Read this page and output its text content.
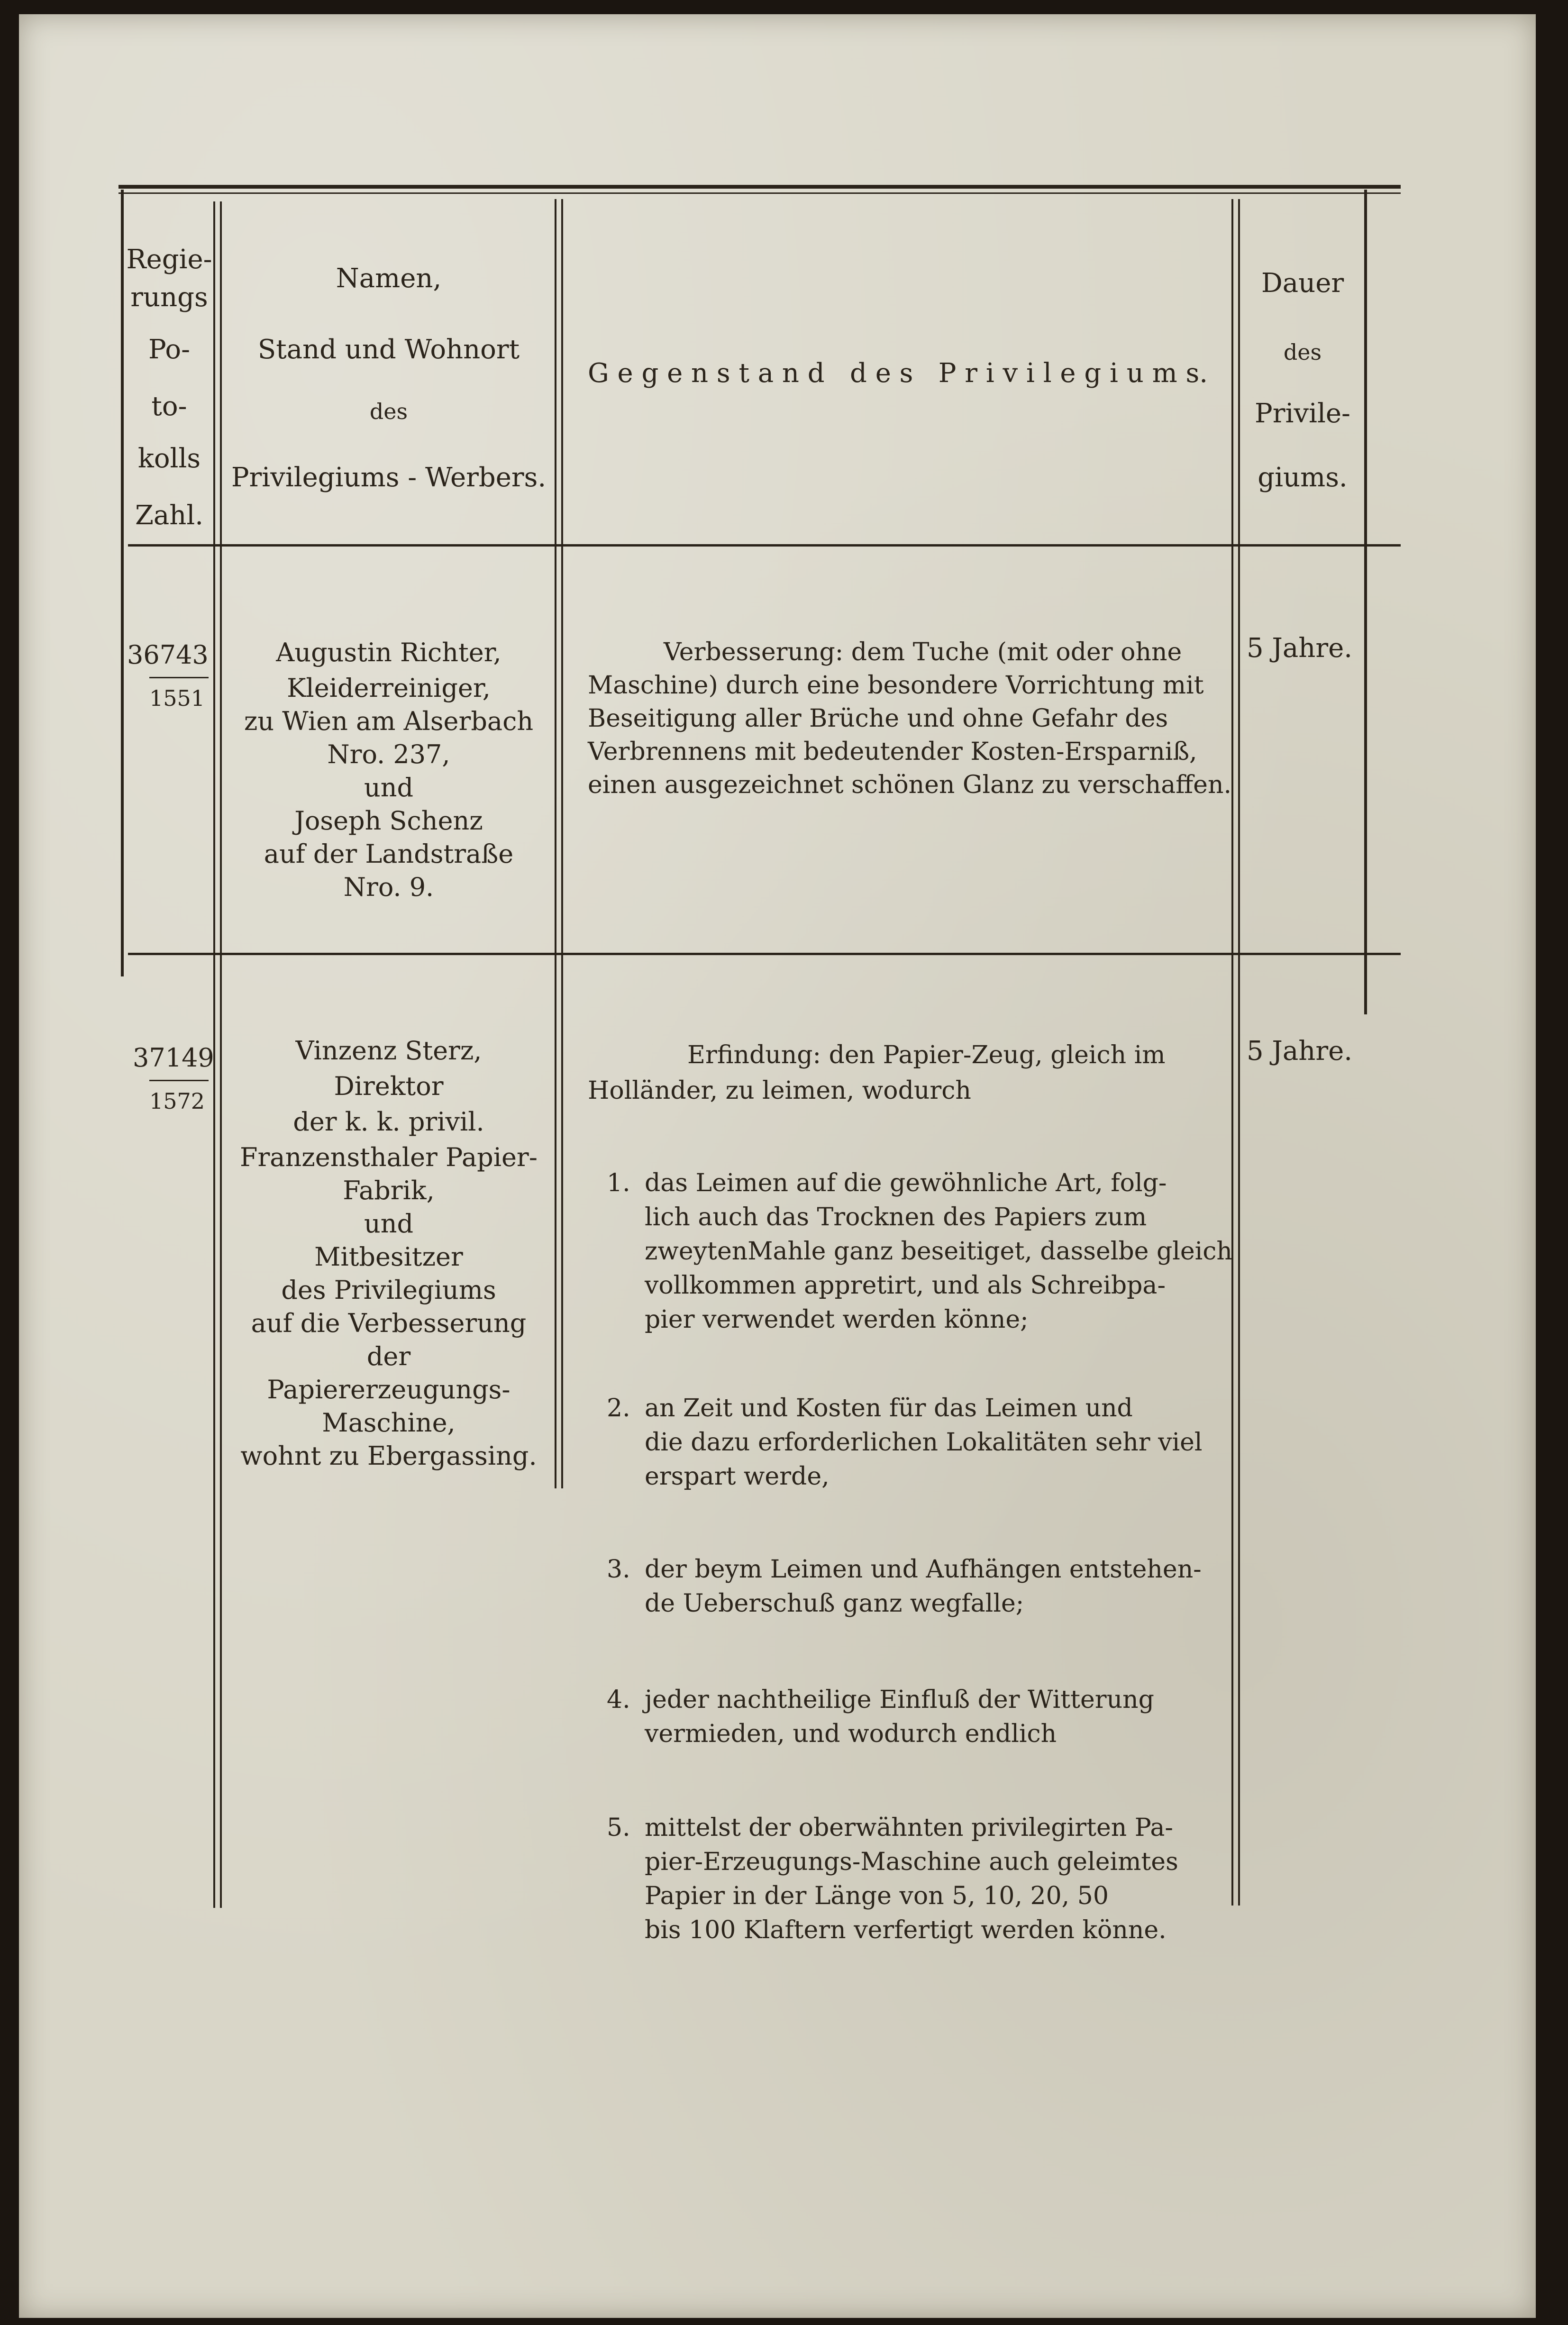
Regie-
rungs
Po-
to-
kolls
Zahl.
Namen,
Stand und Wohnort
des
Privilegiums - Werbers.
G e g e n s t a n d   d e s   P r i v i l e g i u m s.
Dauer
des
Privile-
giums.
36743
1551
Augustin Richter,
Kleiderreiniger,
zu Wien am Alserbach
Nro. 237,
und
Joseph Schenz
auf der Landstraße
Nro. 9.
Verbesserung: dem Tuche (mit oder ohne
Maschine) durch eine besondere Vorrichtung mit
Beseitigung aller Brüche und ohne Gefahr des
Verbrennens mit bedeutender Kosten-Ersparniß,
einen ausgezeichnet schönen Glanz zu verschaffen.
5 Jahre.
37149
1572
Vinzenz Sterz,
Direktor
der k. k. privil.
Franzensthaler Papier-
Fabrik,
und
Mitbesitzer
des Privilegiums
auf die Verbesserung
der
Papiererzeugungs-
Maschine,
wohnt zu Ebergassing.
Erfindung: den Papier-Zeug, gleich im
Holländer, zu leimen, wodurch
1. das Leimen auf die gewöhnliche Art, folg-
lich auch das Trocknen des Papiers zum
zweytenMahle ganz beseitiget, dasselbe gleich
vollkommen appretirt, und als Schreibpa-
pier verwendet werden könne;
2. an Zeit und Kosten für das Leimen und
die dazu erforderlichen Lokalitäten sehr viel
erspart werde,
3. der beym Leimen und Aufhängen entstehen-
de Ueberschuß ganz wegfalle;
4. jeder nachtheilige Einfluß der Witterung
vermieden, und wodurch endlich
5. mittelst der oberwähnten privilegirten Pa-
pier-Erzeugungs-Maschine auch geleimtes
Papier in der Länge von 5, 10, 20, 50
bis 100 Klaftern verfertigt werden könne.
5 Jahre.
